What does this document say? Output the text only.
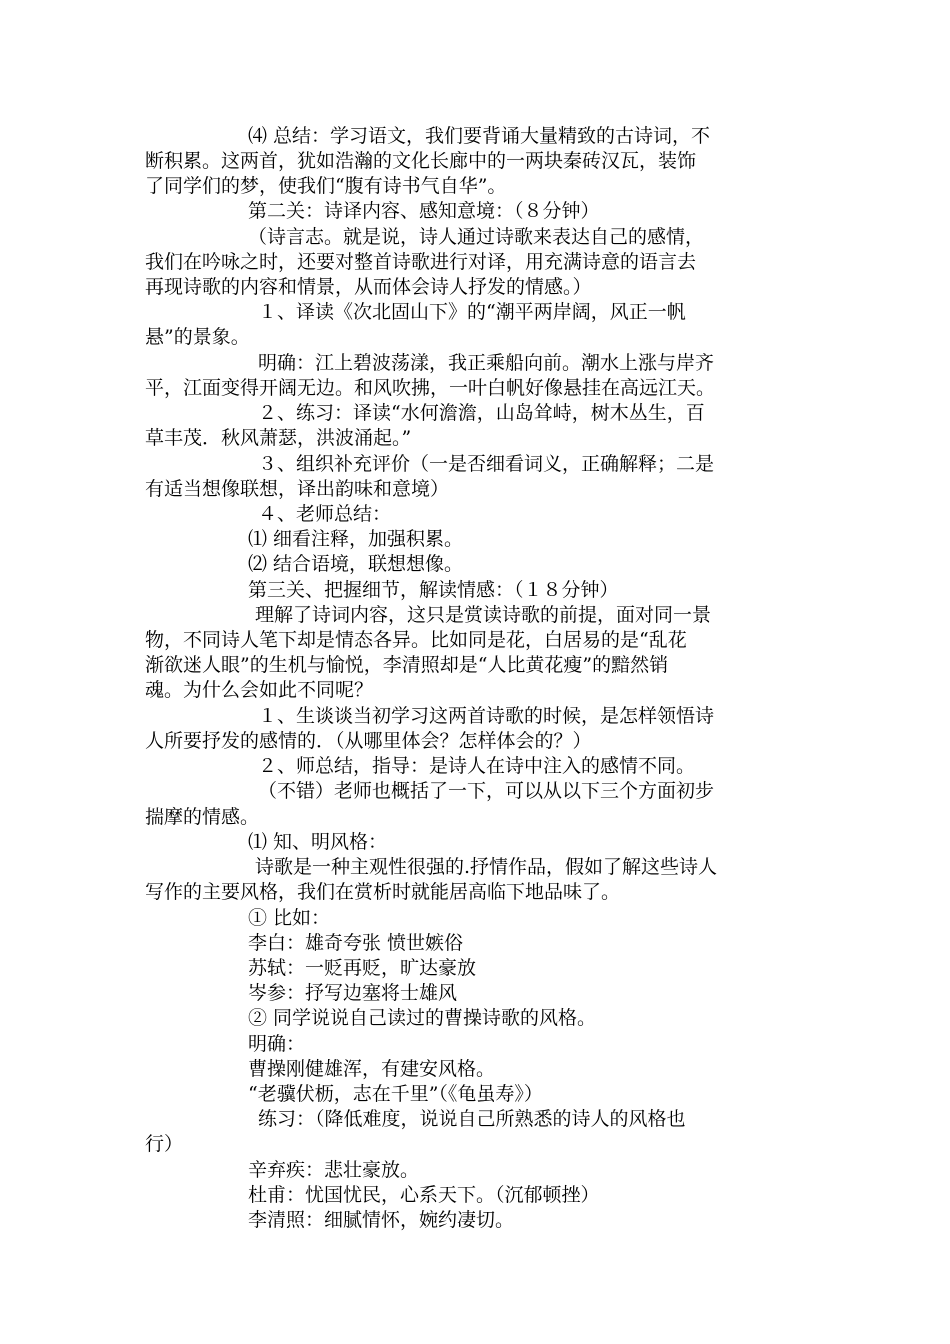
⑷ 总结：学习语文，我们要背诵大量精致的古诗词，不

断积累。这两首，犹如浩瀚的文化长廊中的一两块秦砖汉瓦，装饰

了同学们的梦，使我们“腹有诗书气自华”。

第二关：诗译内容、感知意境：（８分钟）

（诗言志。就是说，诗人通过诗歌来表达自己的感情，

我们在吟咏之时，还要对整首诗歌进行对译，用充满诗意的语言去

再现诗歌的内容和情景，从而体会诗人抒发的情感。）

１、译读《次北固山下》的“潮平两岸阔，风正一帆

悬”的景象。

明确：江上碧波荡漾，我正乘船向前。潮水上涨与岸齐

平，江面变得开阔无边。和风吹拂，一叶白帆好像悬挂在高远江天。

２、练习：译读“水何澹澹，山岛耸峙，树木丛生，百

草丰茂．秋风萧瑟，洪波涌起。”

３、组织补充评价（一是否细看词义，正确解释；二是

有适当想像联想，译出韵味和意境）

４、老师总结：

⑴ 细看注释，加强积累。

⑵ 结合语境，联想想像。

第三关、把握细节，解读情感：（１８分钟）

理解了诗词内容，这只是赏读诗歌的前提，面对同一景

物，不同诗人笔下却是情态各异。比如同是花，白居易的是“乱花

渐欲迷人眼”的生机与愉悦，李清照却是“人比黄花瘦”的黯然销

魂。为什么会如此不同呢？

１、生谈谈当初学习这两首诗歌的时候，是怎样领悟诗

人所要抒发的感情的．（从哪里体会？怎样体会的？）

２、师总结，指导：是诗人在诗中注入的感情不同。

（不错）老师也概括了一下，可以从以下三个方面初步

揣摩的情感。

⑴ 知、明风格：

诗歌是一种主观性很强的.抒情作品，假如了解这些诗人

写作的主要风格，我们在赏析时就能居高临下地品味了。

① 比如：

李白：雄奇夸张 愤世嫉俗

苏轼：一贬再贬，旷达豪放

岑参：抒写边塞将士雄风

② 同学说说自己读过的曹操诗歌的风格。

明确：

曹操刚健雄浑，有建安风格。

“老骥伏枥，志在千里”（《龟虽寿》）

练习：（降低难度，说说自己所熟悉的诗人的风格也

行）

辛弃疾：悲壮豪放。

杜甫：忧国忧民，心系天下。（沉郁顿挫）

李清照：细腻情怀，婉约凄切。
